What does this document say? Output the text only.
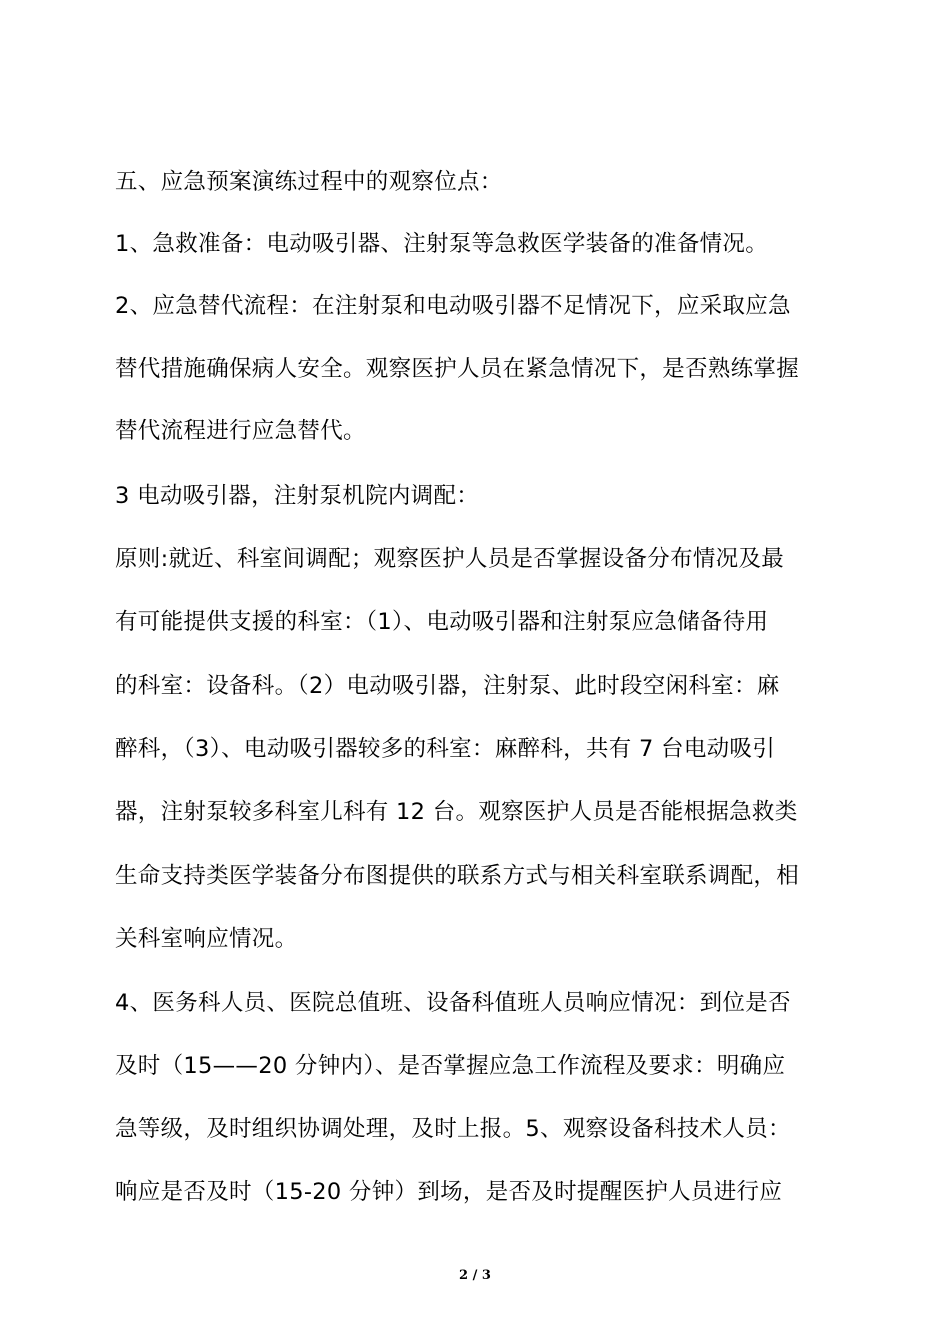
五、应急预案演练过程中的观察位点：
1、急救准备：电动吸引器、注射泵等急救医学装备的准备情况。
2、应急替代流程：在注射泵和电动吸引器不足情况下，应采取应急
替代措施确保病人安全。观察医护人员在紧急情况下，是否熟练掌握
替代流程进行应急替代。
3 电动吸引器，注射泵机院内调配：
原则:就近、科室间调配；观察医护人员是否掌握设备分布情况及最
有可能提供支援的科室：（1）、电动吸引器和注射泵应急储备待用
的科室：设备科。（2）电动吸引器，注射泵、此时段空闲科室：麻
醉科，（3）、电动吸引器较多的科室：麻醉科，共有 7 台电动吸引
器，注射泵较多科室儿科有 12 台。观察医护人员是否能根据急救类
生命支持类医学装备分布图提供的联系方式与相关科室联系调配，相
关科室响应情况。
4、医务科人员、医院总值班、设备科值班人员响应情况：到位是否
及时（15——20 分钟内）、是否掌握应急工作流程及要求：明确应
急等级，及时组织协调处理，及时上报。5、观察设备科技术人员：
响应是否及时（15-20 分钟）到场，是否及时提醒医护人员进行应
2 / 3
